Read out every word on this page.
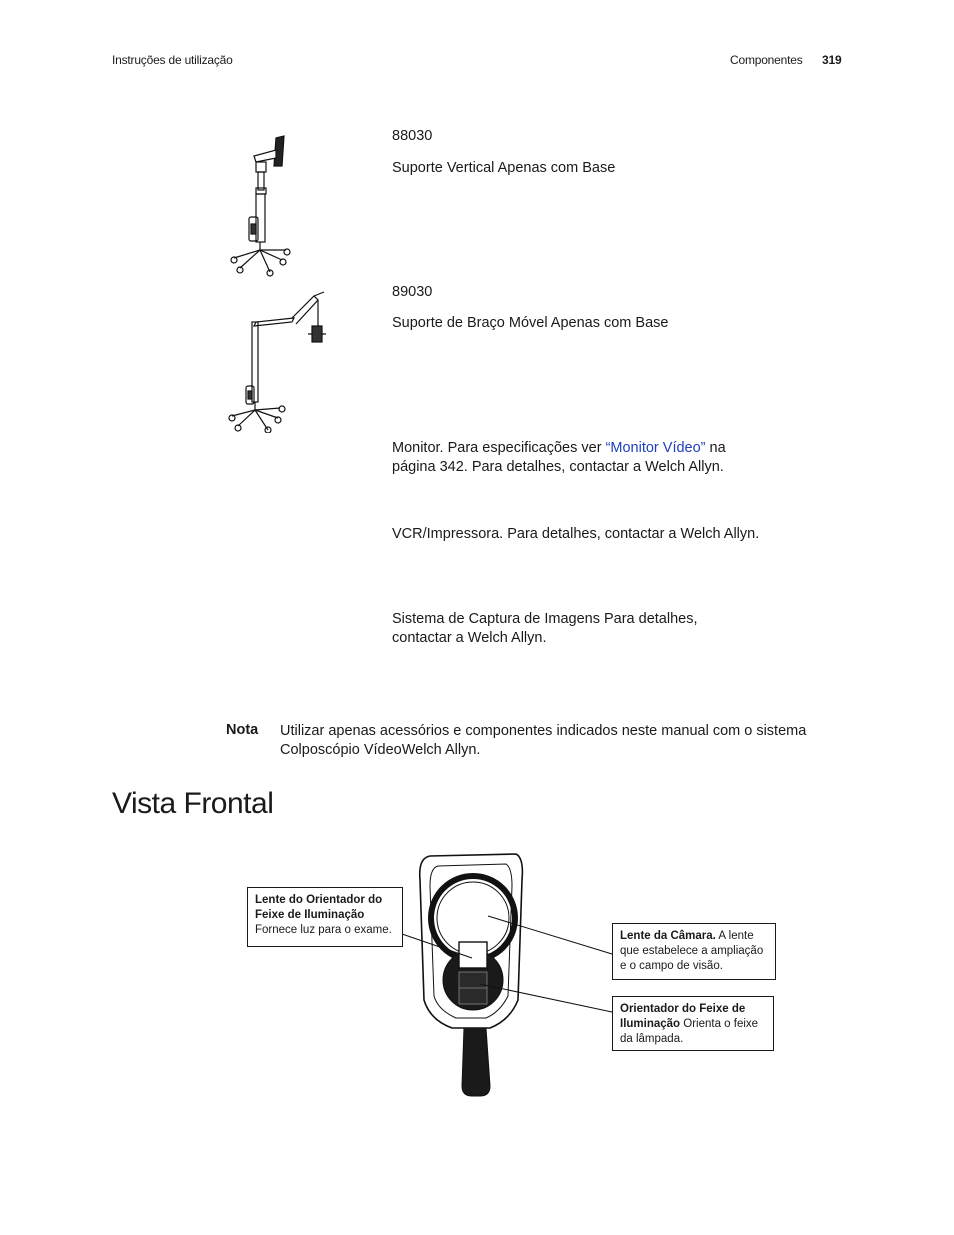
Instruções de utilização	Componentes 319
88030
Suporte Vertical Apenas com Base
89030
Suporte de Braço Móvel Apenas com Base
Monitor. Para especificações ver “Monitor Vídeo” na página 342. Para detalhes, contactar a Welch Allyn.
VCR/Impressora. Para detalhes, contactar a Welch Allyn.
Sistema de Captura de Imagens Para detalhes, contactar a Welch Allyn.
Nota Utilizar apenas acessórios e componentes indicados neste manual com o sistema Colposcópio VídeoWelch Allyn.
Vista Frontal
Lente do Orientador do Feixe de Iluminação
Fornece luz para o exame.	Lente da Câmara. A lente que estabelece a ampliação e o campo de visão.
Orientador do Feixe de Iluminação Orienta o feixe da lâmpada.
